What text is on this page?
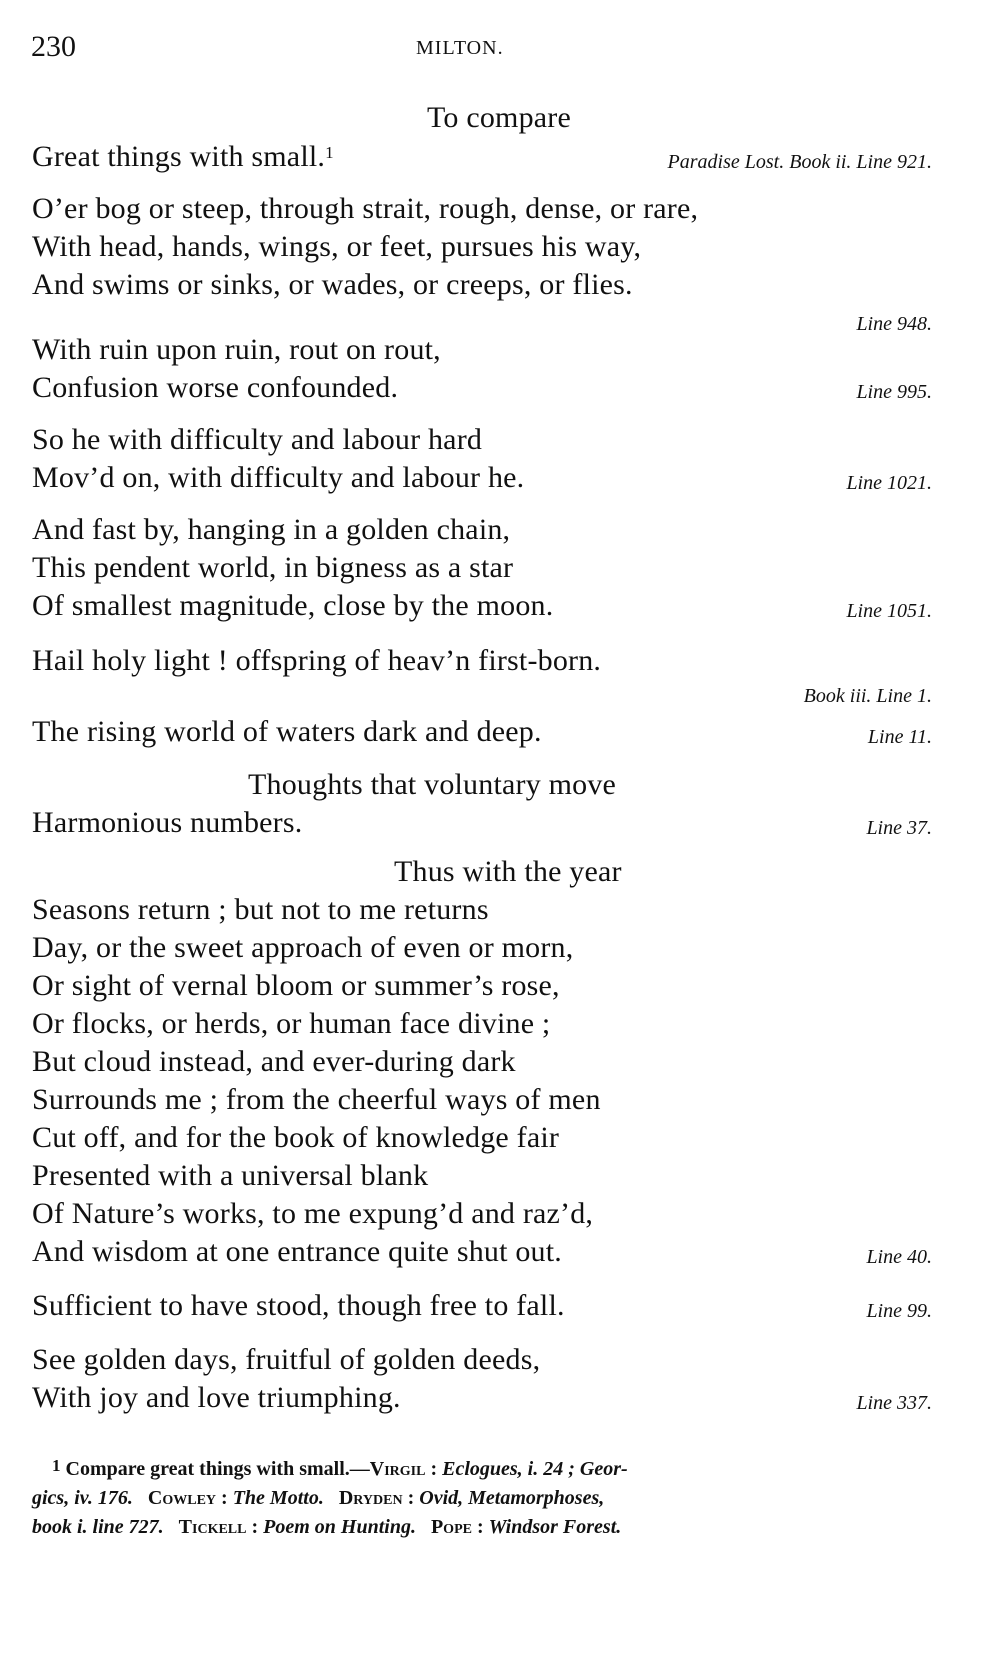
230	MILTON.
To compare
Great things with small.$^1$	Paradise Lost. Book ii. Line 921.
O’er bog or steep, through strait, rough, dense, or rare,
With head, hands, wings, or feet, pursues his way,
And swims or sinks, or wades, or creeps, or flies.
Line 948.
With ruin upon ruin, rout on rout,
Confusion worse confounded.	Line 995.
So he with difficulty and labour hard
Mov’d on, with difficulty and labour he.	Line 1021.
And fast by, hanging in a golden chain,
This pendent world, in bigness as a star
Of smallest magnitude, close by the moon.	Line 1051.
Hail holy light ! offspring of heav’n first-born.
Book iii. Line 1.
The rising world of waters dark and deep.	Line 11.
Thoughts that voluntary move
Harmonious numbers.	Line 37.
Thus with the year
Seasons return ; but not to me returns
Day, or the sweet approach of even or morn,
Or sight of vernal bloom or summer’s rose,
Or flocks, or herds, or human face divine ;
But cloud instead, and ever-during dark
Surrounds me ; from the cheerful ways of men
Cut off, and for the book of knowledge fair
Presented with a universal blank
Of Nature’s works, to me expung’d and raz’d,
And wisdom at one entrance quite shut out.	Line 40.
Sufficient to have stood, though free to fall.	Line 99.
See golden days, fruitful of golden deeds,
With joy and love triumphing.	Line 337.
$^1$ Compare great things with small.—Virgil : Eclogues, i. 24 ; Geor-
gics, iv. 176. Cowley : The Motto. Dryden : Ovid, Metamorphoses,
book i. line 727. Tickell : Poem on Hunting. Pope : Windsor Forest.
